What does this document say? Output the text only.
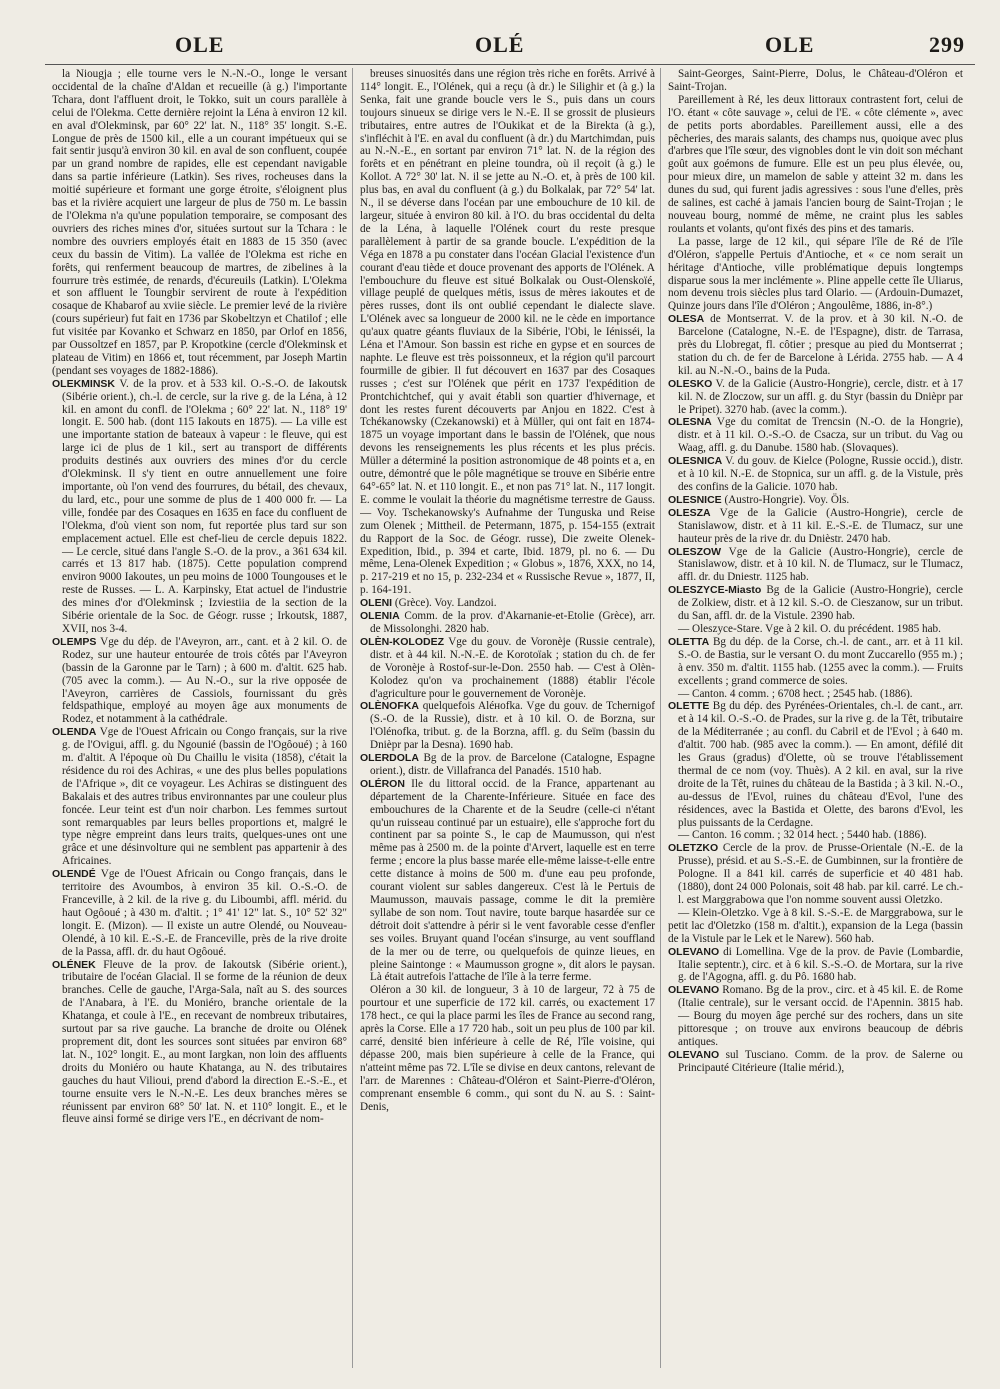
OLE	OLÉ	OLE	299

la Niougja ; elle tourne vers le N.-N.-O., longe le versant occidental de la chaîne d'Aldan et recueille (à g.) l'importante Tchara, dont l'affluent droit, le Tokko, suit un cours parallèle à celui de l'Olekma. Cette dernière rejoint la Léna à environ 12 kil. en aval d'Olekminsk, par 60° 22' lat. N., 118° 35' longit. S.-E. Longue de près de 1500 kil., elle a un courant impétueux qui se fait sentir jusqu'à environ 30 kil. en aval de son confluent, coupée par un grand nombre de rapides, elle est cependant navigable dans sa partie inférieure (Latkin). Ses rives, rocheuses dans la moitié supérieure et formant une gorge étroite, s'éloignent plus bas et la rivière acquiert une largeur de plus de 750 m. Le bassin de l'Olekma n'a qu'une population temporaire, se composant des ouvriers des riches mines d'or, situées surtout sur la Tchara : le nombre des ouvriers employés était en 1883 de 15 350 (avec ceux du bassin de Vitim). La vallée de l'Olekma est riche en forêts, qui renferment beaucoup de martres, de zibelines à la fourrure très estimée, de renards, d'écureuils (Latkin). L'Olekma et son affluent le Toungbir servirent de route à l'expédition cosaque de Khabarof au xviie siècle. Le premier levé de la rivière (cours supérieur) fut fait en 1736 par Skobeltzyn et Chatilof ; elle fut visitée par Kovanko et Schwarz en 1850, par Orlof en 1856, par Oussoltzef en 1857, par P. Kropotkine (cercle d'Olekminsk et plateau de Vitim) en 1866 et, tout récemment, par Joseph Martin (pendant ses voyages de 1882-1886).

OLEKMINSK V. de la prov. et à 533 kil. O.-S.-O. de Iakoutsk (Sibérie orient.), ch.-l. de cercle, sur la rive g. de la Léna, à 12 kil. en amont du confl. de l'Olekma ; 60° 22' lat. N., 118° 19' longit. E. 500 hab. (dont 115 Iakouts en 1875). — La ville est une importante station de bateaux à vapeur : le fleuve, qui est large ici de plus de 1 kil., sert au transport de différents produits destinés aux ouvriers des mines d'or du cercle d'Olekminsk. Il s'y tient en outre annuellement une foire importante, où l'on vend des fourrures, du bétail, des chevaux, du lard, etc., pour une somme de plus de 1 400 000 fr. — La ville, fondée par des Cosaques en 1635 en face du confluent de l'Olekma, d'où vient son nom, fut reportée plus tard sur son emplacement actuel. Elle est chef-lieu de cercle depuis 1822. — Le cercle, situé dans l'angle S.-O. de la prov., a 361 634 kil. carrés et 13 817 hab. (1875). Cette population comprend environ 9000 Iakoutes, un peu moins de 1000 Toungouses et le reste de Russes. — L. A. Karpinsky, Etat actuel de l'industrie des mines d'or d'Olekminsk ; Izviestiia de la section de la Sibérie orientale de la Soc. de Géogr. russe ; Irkoutsk, 1887, XVII, nos 3-4.

OLEMPS Vge du dép. de l'Aveyron, arr., cant. et à 2 kil. O. de Rodez, sur une hauteur entourée de trois côtés par l'Aveyron (bassin de la Garonne par le Tarn) ; à 600 m. d'altit. 625 hab. (705 avec la comm.). — Au N.-O., sur la rive opposée de l'Aveyron, carrières de Cassiols, fournissant du grès feldspathique, employé au moyen âge aux monuments de Rodez, et notamment à la cathédrale.

OLENDA Vge de l'Ouest Africain ou Congo français, sur la rive g. de l'Ovigui, affl. g. du Ngounié (bassin de l'Ogôoué) ; à 160 m. d'altit. A l'époque où Du Chaillu le visita (1858), c'était la résidence du roi des Achiras, « une des plus belles populations de l'Afrique », dit ce voyageur. Les Achiras se distinguent des Bakalais et des autres tribus environnantes par une couleur plus foncée. Leur teint est d'un noir charbon. Les femmes surtout sont remarquables par leurs belles proportions et, malgré le type nègre empreint dans leurs traits, quelques-unes ont une grâce et une désinvolture qui ne semblent pas appartenir à des Africaines.

OLENDÉ Vge de l'Ouest Africain ou Congo français, dans le territoire des Avoumbos, à environ 35 kil. O.-S.-O. de Franceville, à 2 kil. de la rive g. du Liboumbi, affl. mérid. du haut Ogôoué ; à 430 m. d'altit. ; 1° 41' 12" lat. S., 10° 52' 32" longit. E. (Mizon). — Il existe un autre Olendé, ou Nouveau-Olendé, à 10 kil. E.-S.-E. de Franceville, près de la rive droite de la Passa, affl. dr. du haut Ogôoué.

OLÉNEK Fleuve de la prov. de Iakoutsk (Sibérie orient.), tributaire de l'océan Glacial. Il se forme de la réunion de deux branches. Celle de gauche, l'Arga-Sala, naît au S. des sources de l'Anabara, à l'E. du Moniéro, branche orientale de la Khatanga, et coule à l'E., en recevant de nombreux tributaires, surtout par sa rive gauche. La branche de droite ou Olének proprement dit, dont les sources sont situées par environ 68° lat. N., 102° longit. E., au mont Iargkan, non loin des affluents droits du Moniéro ou haute Khatanga, au N. des tributaires gauches du haut Vilioui, prend d'abord la direction E.-S.-E., et tourne ensuite vers le N.-N.-E. Les deux branches mères se réunissent par environ 68° 50' lat. N. et 110° longit. E., et le fleuve ainsi formé se dirige vers l'E., en décrivant de nom-

breuses sinuosités dans une région très riche en forêts. Arrivé à 114° longit. E., l'Olének, qui a reçu (à dr.) le Silighir et (à g.) la Senka, fait une grande boucle vers le S., puis dans un cours toujours sinueux se dirige vers le N.-E. Il se grossit de plusieurs tributaires, entre autres de l'Oukikat et de la Birekta (à g.), s'infléchit à l'E. en aval du confluent (à dr.) du Martchimdan, puis au N.-N.-E., en sortant par environ 71° lat. N. de la région des forêts et en pénétrant en pleine toundra, où il reçoit (à g.) le Kollot. A 72° 30' lat. N. il se jette au N.-O. et, à près de 100 kil. plus bas, en aval du confluent (à g.) du Bolkalak, par 72° 54' lat. N., il se déverse dans l'océan par une embouchure de 10 kil. de largeur, située à environ 80 kil. à l'O. du bras occidental du delta de la Léna, à laquelle l'Olének court du reste presque parallèlement à partir de sa grande boucle. L'expédition de la Véga en 1878 a pu constater dans l'océan Glacial l'existence d'un courant d'eau tiède et douce provenant des apports de l'Olének. A l'embouchure du fleuve est situé Bolkalak ou Oust-Olenskoïé, village peuplé de quelques métis, issus de mères iakoutes et de pères russes, dont ils ont oublié cependant le dialecte slave. L'Olének avec sa longueur de 2000 kil. ne le cède en importance qu'aux quatre géants fluviaux de la Sibérie, l'Obi, le Iénisséi, la Léna et l'Amour. Son bassin est riche en gypse et en sources de naphte. Le fleuve est très poissonneux, et la région qu'il parcourt fourmille de gibier. Il fut découvert en 1637 par des Cosaques russes ; c'est sur l'Olének que périt en 1737 l'expédition de Prontchichtchef, qui y avait établi son quartier d'hivernage, et dont les restes furent découverts par Anjou en 1822. C'est à Tchékanowsky (Czekanowski) et à Müller, qui ont fait en 1874-1875 un voyage important dans le bassin de l'Olének, que nous devons les renseignements les plus récents et les plus précis. Müller a déterminé la position astronomique de 48 points et a, en outre, démontré que le pôle magnétique se trouve en Sibérie entre 64°-65° lat. N. et 110 longit. E., et non pas 71° lat. N., 117 longit. E. comme le voulait la théorie du magnétisme terrestre de Gauss. — Voy. Tschekanowsky's Aufnahme der Tunguska und Reise zum Olenek ; Mittheil. de Petermann, 1875, p. 154-155 (extrait du Rapport de la Soc. de Géogr. russe), Die zweite Olenek-Expedition, Ibid., p. 394 et carte, Ibid. 1879, pl. no 6. — Du même, Lena-Olenek Expedition ; « Globus », 1876, XXX, no 14, p. 217-219 et no 15, p. 232-234 et « Russische Revue », 1877, II, p. 164-191.

OLENI (Grèce). Voy. Landzoi.

OLENIA Comm. de la prov. d'Akarnanie-et-Etolie (Grèce), arr. de Missolonghi. 2820 hab.

OLÈN-KOLODEZ Vge du gouv. de Voronèje (Russie centrale), distr. et à 44 kil. N.-N.-E. de Korotoïak ; station du ch. de fer de Voronèje à Rostof-sur-le-Don. 2550 hab. — C'est à Olèn-Kolodez qu'on va prochainement (1888) établir l'école d'agriculture pour le gouvernement de Voronèje.

OLÈNOFKA quelquefois Aléнofka. Vge du gouv. de Tchernigof (S.-O. de la Russie), distr. et à 10 kil. O. de Borzna, sur l'Olénofka, tribut. g. de la Borzna, affl. g. du Seïm (bassin du Dnièpr par la Desna). 1690 hab.

OLERDOLA Bg de la prov. de Barcelone (Catalogne, Espagne orient.), distr. de Villafranca del Panadés. 1510 hab.

OLÉRON Ile du littoral occid. de la France, appartenant au département de la Charente-Inférieure. Située en face des embouchures de la Charente et de la Seudre (celle-ci n'étant qu'un ruisseau continué par un estuaire), elle s'approche fort du continent par sa pointe S., le cap de Maumusson, qui n'est même pas à 2500 m. de la pointe d'Arvert, laquelle est en terre ferme ; encore la plus basse marée elle-même laisse-t-elle entre cette distance à moins de 500 m. d'une eau peu profonde, courant violent sur sables dangereux. C'est là le Pertuis de Maumusson, mauvais passage, comme le dit la première syllabe de son nom. Tout navire, toute barque hasardée sur ce détroit doit s'attendre à périr si le vent favorable cesse d'enfler ses voiles. Bruyant quand l'océan s'insurge, au vent souffland de la mer ou de terre, ou quelquefois de quinze lieues, en pleine Saintonge : « Maumusson grogne », dit alors le paysan. Là était autrefois l'attache de l'île à la terre ferme.

Oléron a 30 kil. de longueur, 3 à 10 de largeur, 72 à 75 de pourtour et une superficie de 172 kil. carrés, ou exactement 17 178 hect., ce qui la place parmi les îles de France au second rang, après la Corse. Elle a 17 720 hab., soit un peu plus de 100 par kil. carré, densité bien inférieure à celle de Ré, l'île voisine, qui dépasse 200, mais bien supérieure à celle de la France, qui n'atteint même pas 72. L'île se divise en deux cantons, relevant de l'arr. de Marennes : Château-d'Oléron et Saint-Pierre-d'Oléron, comprenant ensemble 6 comm., qui sont du N. au S. : Saint-Denis,

Saint-Georges, Saint-Pierre, Dolus, le Château-d'Oléron et Saint-Trojan.

Pareillement à Ré, les deux littoraux contrastent fort, celui de l'O. étant « côte sauvage », celui de l'E. « côte clémente », avec de petits ports abordables. Pareillement aussi, elle a des pêcheries, des marais salants, des champs nus, quoique avec plus d'arbres que l'île sœur, des vignobles dont le vin doit son méchant goût aux goémons de fumure. Elle est un peu plus élevée, ou, pour mieux dire, un mamelon de sable y atteint 32 m. dans les dunes du sud, qui furent jadis agressives : sous l'une d'elles, près de salines, est caché à jamais l'ancien bourg de Saint-Trojan ; le nouveau bourg, nommé de même, ne craint plus les sables roulants et volants, qu'ont fixés des pins et des tamaris.

La passe, large de 12 kil., qui sépare l'île de Ré de l'île d'Oléron, s'appelle Pertuis d'Antioche, et « ce nom serait un héritage d'Antioche, ville problématique depuis longtemps disparue sous la mer inclémente ». Pline appelle cette île Uliarus, nom devenu trois siècles plus tard Olario. — (Ardouin-Dumazet, Quinze jours dans l'île d'Oléron ; Angoulême, 1886, in-8°.)

OLESA de Montserrat. V. de la prov. et à 30 kil. N.-O. de Barcelone (Catalogne, N.-E. de l'Espagne), distr. de Tarrasa, près du Llobregat, fl. côtier ; presque au pied du Montserrat ; station du ch. de fer de Barcelone à Lérida. 2755 hab. — A 4 kil. au N.-N.-O., bains de la Puda.

OLESKO V. de la Galicie (Austro-Hongrie), cercle, distr. et à 17 kil. N. de Zloczow, sur un affl. g. du Styr (bassin du Dnièpr par le Pripet). 3270 hab. (avec la comm.).

OLESNA Vge du comitat de Trencsin (N.-O. de la Hongrie), distr. et à 11 kil. O.-S.-O. de Csacza, sur un tribut. du Vag ou Waag, affl. g. du Danube. 1580 hab. (Slovaques).

OLESNICA V. du gouv. de Kielce (Pologne, Russie occid.), distr. et à 10 kil. N.-E. de Stopnica, sur un affl. g. de la Vistule, près des confins de la Galicie. 1070 hab.

OLESNICE (Austro-Hongrie). Voy. Öls.

OLESZA Vge de la Galicie (Austro-Hongrie), cercle de Stanislawow, distr. et à 11 kil. E.-S.-E. de Tlumacz, sur une hauteur près de la rive dr. du Dnièstr. 2470 hab.

OLESZOW Vge de la Galicie (Austro-Hongrie), cercle de Stanislawow, distr. et à 10 kil. N. de Tlumacz, sur le Tlumacz, affl. dr. du Dniestr. 1125 hab.

OLESZYCE-Miasto Bg de la Galicie (Austro-Hongrie), cercle de Zolkiew, distr. et à 12 kil. S.-O. de Cieszanow, sur un tribut. du San, affl. dr. de la Vistule. 2390 hab.

— Oleszyce-Stare. Vge à 2 kil. O. du précédent. 1985 hab.

OLETTA Bg du dép. de la Corse, ch.-l. de cant., arr. et à 11 kil. S.-O. de Bastia, sur le versant O. du mont Zuccarello (955 m.) ; à env. 350 m. d'altit. 1155 hab. (1255 avec la comm.). — Fruits excellents ; grand commerce de soies.

— Canton. 4 comm. ; 6708 hect. ; 2545 hab. (1886).

OLETTE Bg du dép. des Pyrénées-Orientales, ch.-l. de cant., arr. et à 14 kil. O.-S.-O. de Prades, sur la rive g. de la Têt, tributaire de la Méditerranée ; au confl. du Cabril et de l'Evol ; à 640 m. d'altit. 700 hab. (985 avec la comm.). — En amont, défilé dit les Graus (gradus) d'Olette, où se trouve l'établissement thermal de ce nom (voy. Thuès). A 2 kil. en aval, sur la rive droite de la Têt, ruines du château de la Bastida ; à 3 kil. N.-O., au-dessus de l'Evol, ruines du château d'Evol, l'une des résidences, avec la Bastida et Olette, des barons d'Evol, les plus puissants de la Cerdagne.

— Canton. 16 comm. ; 32 014 hect. ; 5440 hab. (1886).

OLETZKO Cercle de la prov. de Prusse-Orientale (N.-E. de la Prusse), présid. et au S.-S.-E. de Gumbinnen, sur la frontière de Pologne. Il a 841 kil. carrés de superficie et 40 481 hab. (1880), dont 24 000 Polonais, soit 48 hab. par kil. carré. Le ch.-l. est Marggrabowa que l'on nomme souvent aussi Oletzko.

— Klein-Oletzko. Vge à 8 kil. S.-S.-E. de Marggrabowa, sur le petit lac d'Oletzko (158 m. d'altit.), expansion de la Lega (bassin de la Vistule par le Lek et le Narew). 560 hab.

OLEVANO di Lomellina. Vge de la prov. de Pavie (Lombardie, Italie septentr.), circ. et à 6 kil. S.-S.-O. de Mortara, sur la rive g. de l'Agogna, affl. g. du Pô. 1680 hab.

OLEVANO Romano. Bg de la prov., circ. et à 45 kil. E. de Rome (Italie centrale), sur le versant occid. de l'Apennin. 3815 hab. — Bourg du moyen âge perché sur des rochers, dans un site pittoresque ; on trouve aux environs beaucoup de débris antiques.

OLEVANO sul Tusciano. Comm. de la prov. de Salerne ou Principauté Citérieure (Italie mérid.),
